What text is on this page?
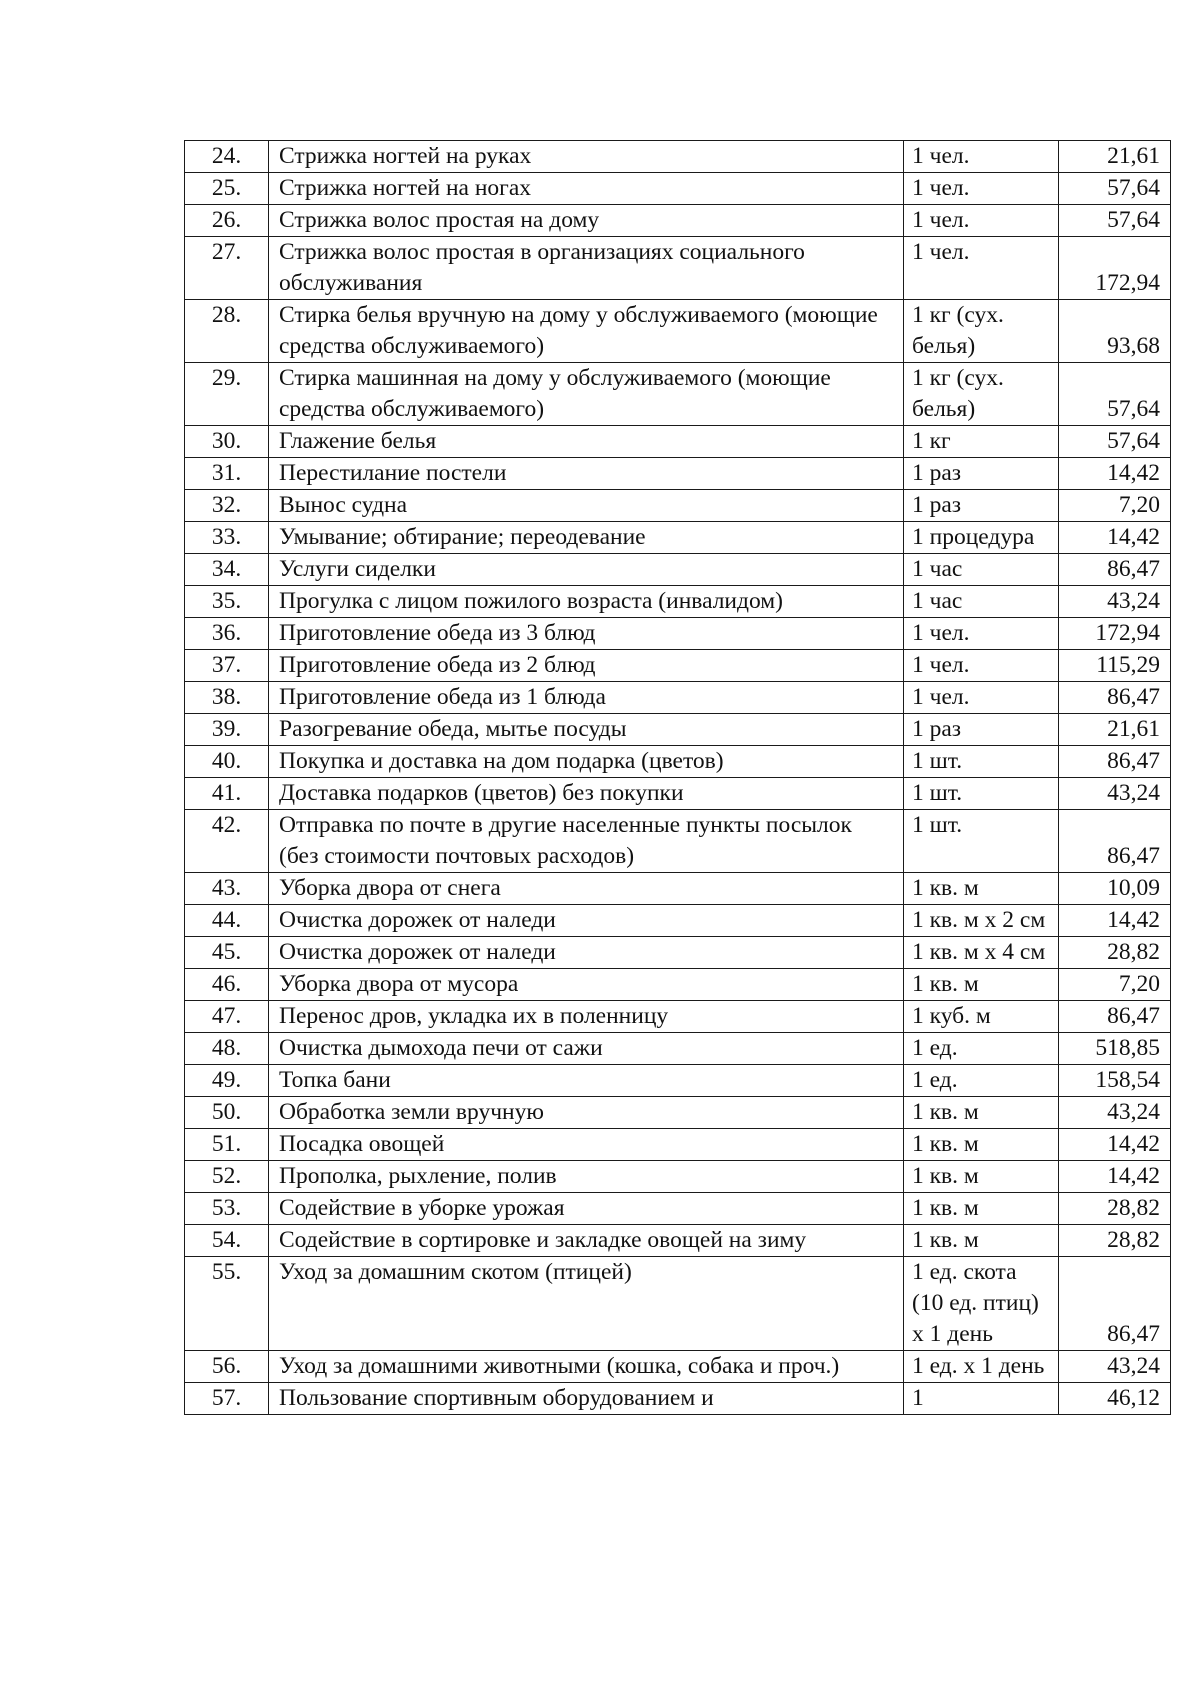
24.	Стрижка ногтей на руках	1 чел.	21,61
25.	Стрижка ногтей на ногах	1 чел.	57,64
26.	Стрижка волос простая на дому	1 чел.	57,64
27.	Стрижка волос простая в организациях социального обслуживания	1 чел.	172,94
28.	Стирка белья вручную на дому у обслуживаемого (моющие средства обслуживаемого)	1 кг (сух. белья)	93,68
29.	Стирка машинная на дому у обслуживаемого (моющие средства обслуживаемого)	1 кг (сух. белья)	57,64
30.	Глажение белья	1 кг	57,64
31.	Перестилание постели	1 раз	14,42
32.	Вынос судна	1 раз	7,20
33.	Умывание; обтирание; переодевание	1 процедура	14,42
34.	Услуги сиделки	1 час	86,47
35.	Прогулка с лицом пожилого возраста (инвалидом)	1 час	43,24
36.	Приготовление обеда из 3 блюд	1 чел.	172,94
37.	Приготовление обеда из 2 блюд	1 чел.	115,29
38.	Приготовление обеда из 1 блюда	1 чел.	86,47
39.	Разогревание обеда, мытье посуды	1 раз	21,61
40.	Покупка и доставка на дом подарка (цветов)	1 шт.	86,47
41.	Доставка подарков (цветов) без покупки	1 шт.	43,24
42.	Отправка по почте в другие населенные пункты посылок (без стоимости почтовых расходов)	1 шт.	86,47
43.	Уборка двора от снега	1 кв. м	10,09
44.	Очистка дорожек от наледи	1 кв. м х 2 см	14,42
45.	Очистка дорожек от наледи	1 кв. м х 4 см	28,82
46.	Уборка двора от мусора	1 кв. м	7,20
47.	Перенос дров, укладка их в поленницу	1 куб. м	86,47
48.	Очистка дымохода печи от сажи	1 ед.	518,85
49.	Топка бани	1 ед.	158,54
50.	Обработка земли вручную	1 кв. м	43,24
51.	Посадка овощей	1 кв. м	14,42
52.	Прополка, рыхление, полив	1 кв. м	14,42
53.	Содействие в уборке урожая	1 кв. м	28,82
54.	Содействие в сортировке и закладке овощей на зиму	1 кв. м	28,82
55.	Уход за домашним скотом (птицей)	1 ед. скота (10 ед. птиц) х 1 день	86,47
56.	Уход за домашними животными (кошка, собака и проч.)	1 ед. х 1 день	43,24
57.	Пользование спортивным оборудованием и	1	46,12
